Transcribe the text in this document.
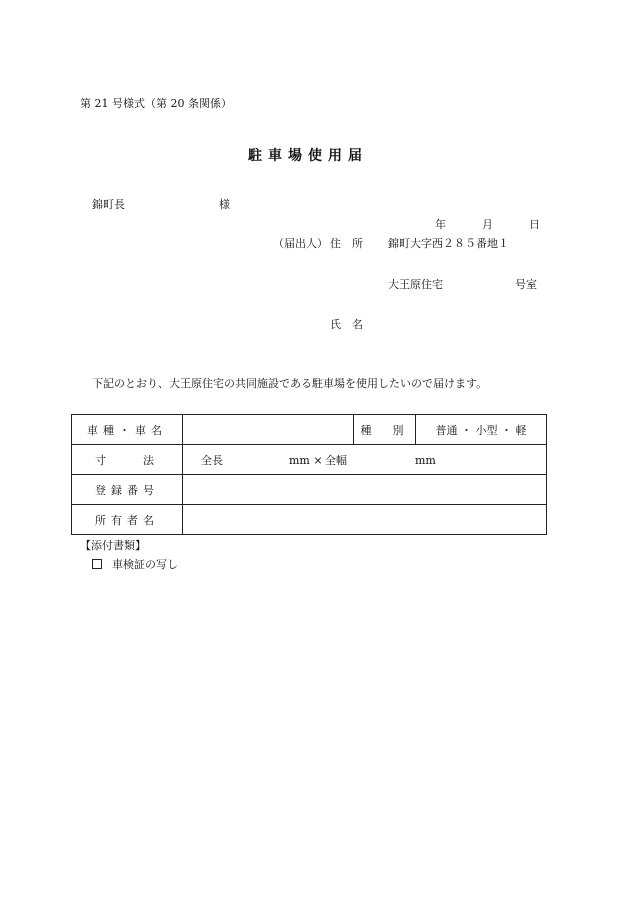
第 21 号様式（第 20 条関係）
駐車場使用届
錦町長	様
年	月	日
（届出人） 住　所 錦町大字西２８５番地１
大王原住宅	号室
氏　名
下記のとおり、大王原住宅の共同施設である駐車場を使用したいので届けます。
車種・車名		種　別	普通 ・ 小型 ・ 軽
寸　　法	全長 mm × 全幅 mm		
登録番号			
所有者名			
【添付書類】
車検証の写し
